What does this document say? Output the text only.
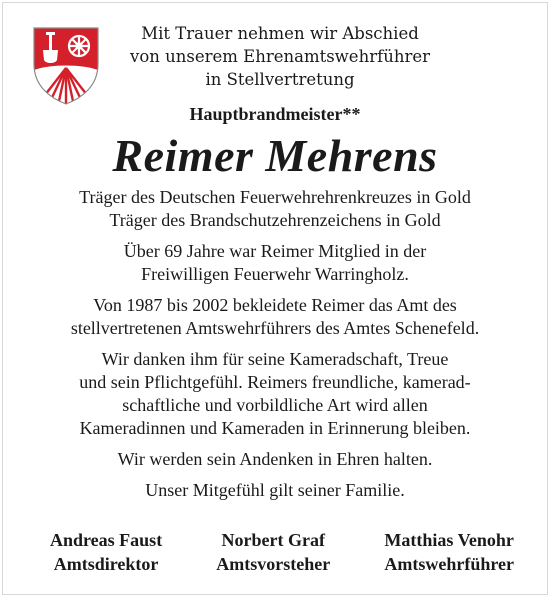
Mit Trauer nehmen wir Abschied
von unserem Ehrenamtswehrführer
in Stellvertretung
Hauptbrandmeister**
Reimer Mehrens
Träger des Deutschen Feuerwehrehrenkreuzes in Gold
Träger des Brandschutzehrenzeichens in Gold
Über 69 Jahre war Reimer Mitglied in der
Freiwilligen Feuerwehr Warringholz.
Von 1987 bis 2002 bekleidete Reimer das Amt des
stellvertretenen Amtswehrführers des Amtes Schenefeld.
Wir danken ihm für seine Kameradschaft, Treue
und sein Pflichtgefühl. Reimers freundliche, kamerad-
schaftliche und vorbildliche Art wird allen
Kameradinnen und Kameraden in Erinnerung bleiben.
Wir werden sein Andenken in Ehren halten.
Unser Mitgefühl gilt seiner Familie.
Andreas Faust
Amtsdirektor
Norbert Graf
Amtsvorsteher
Matthias Venohr
Amtswehrführer
